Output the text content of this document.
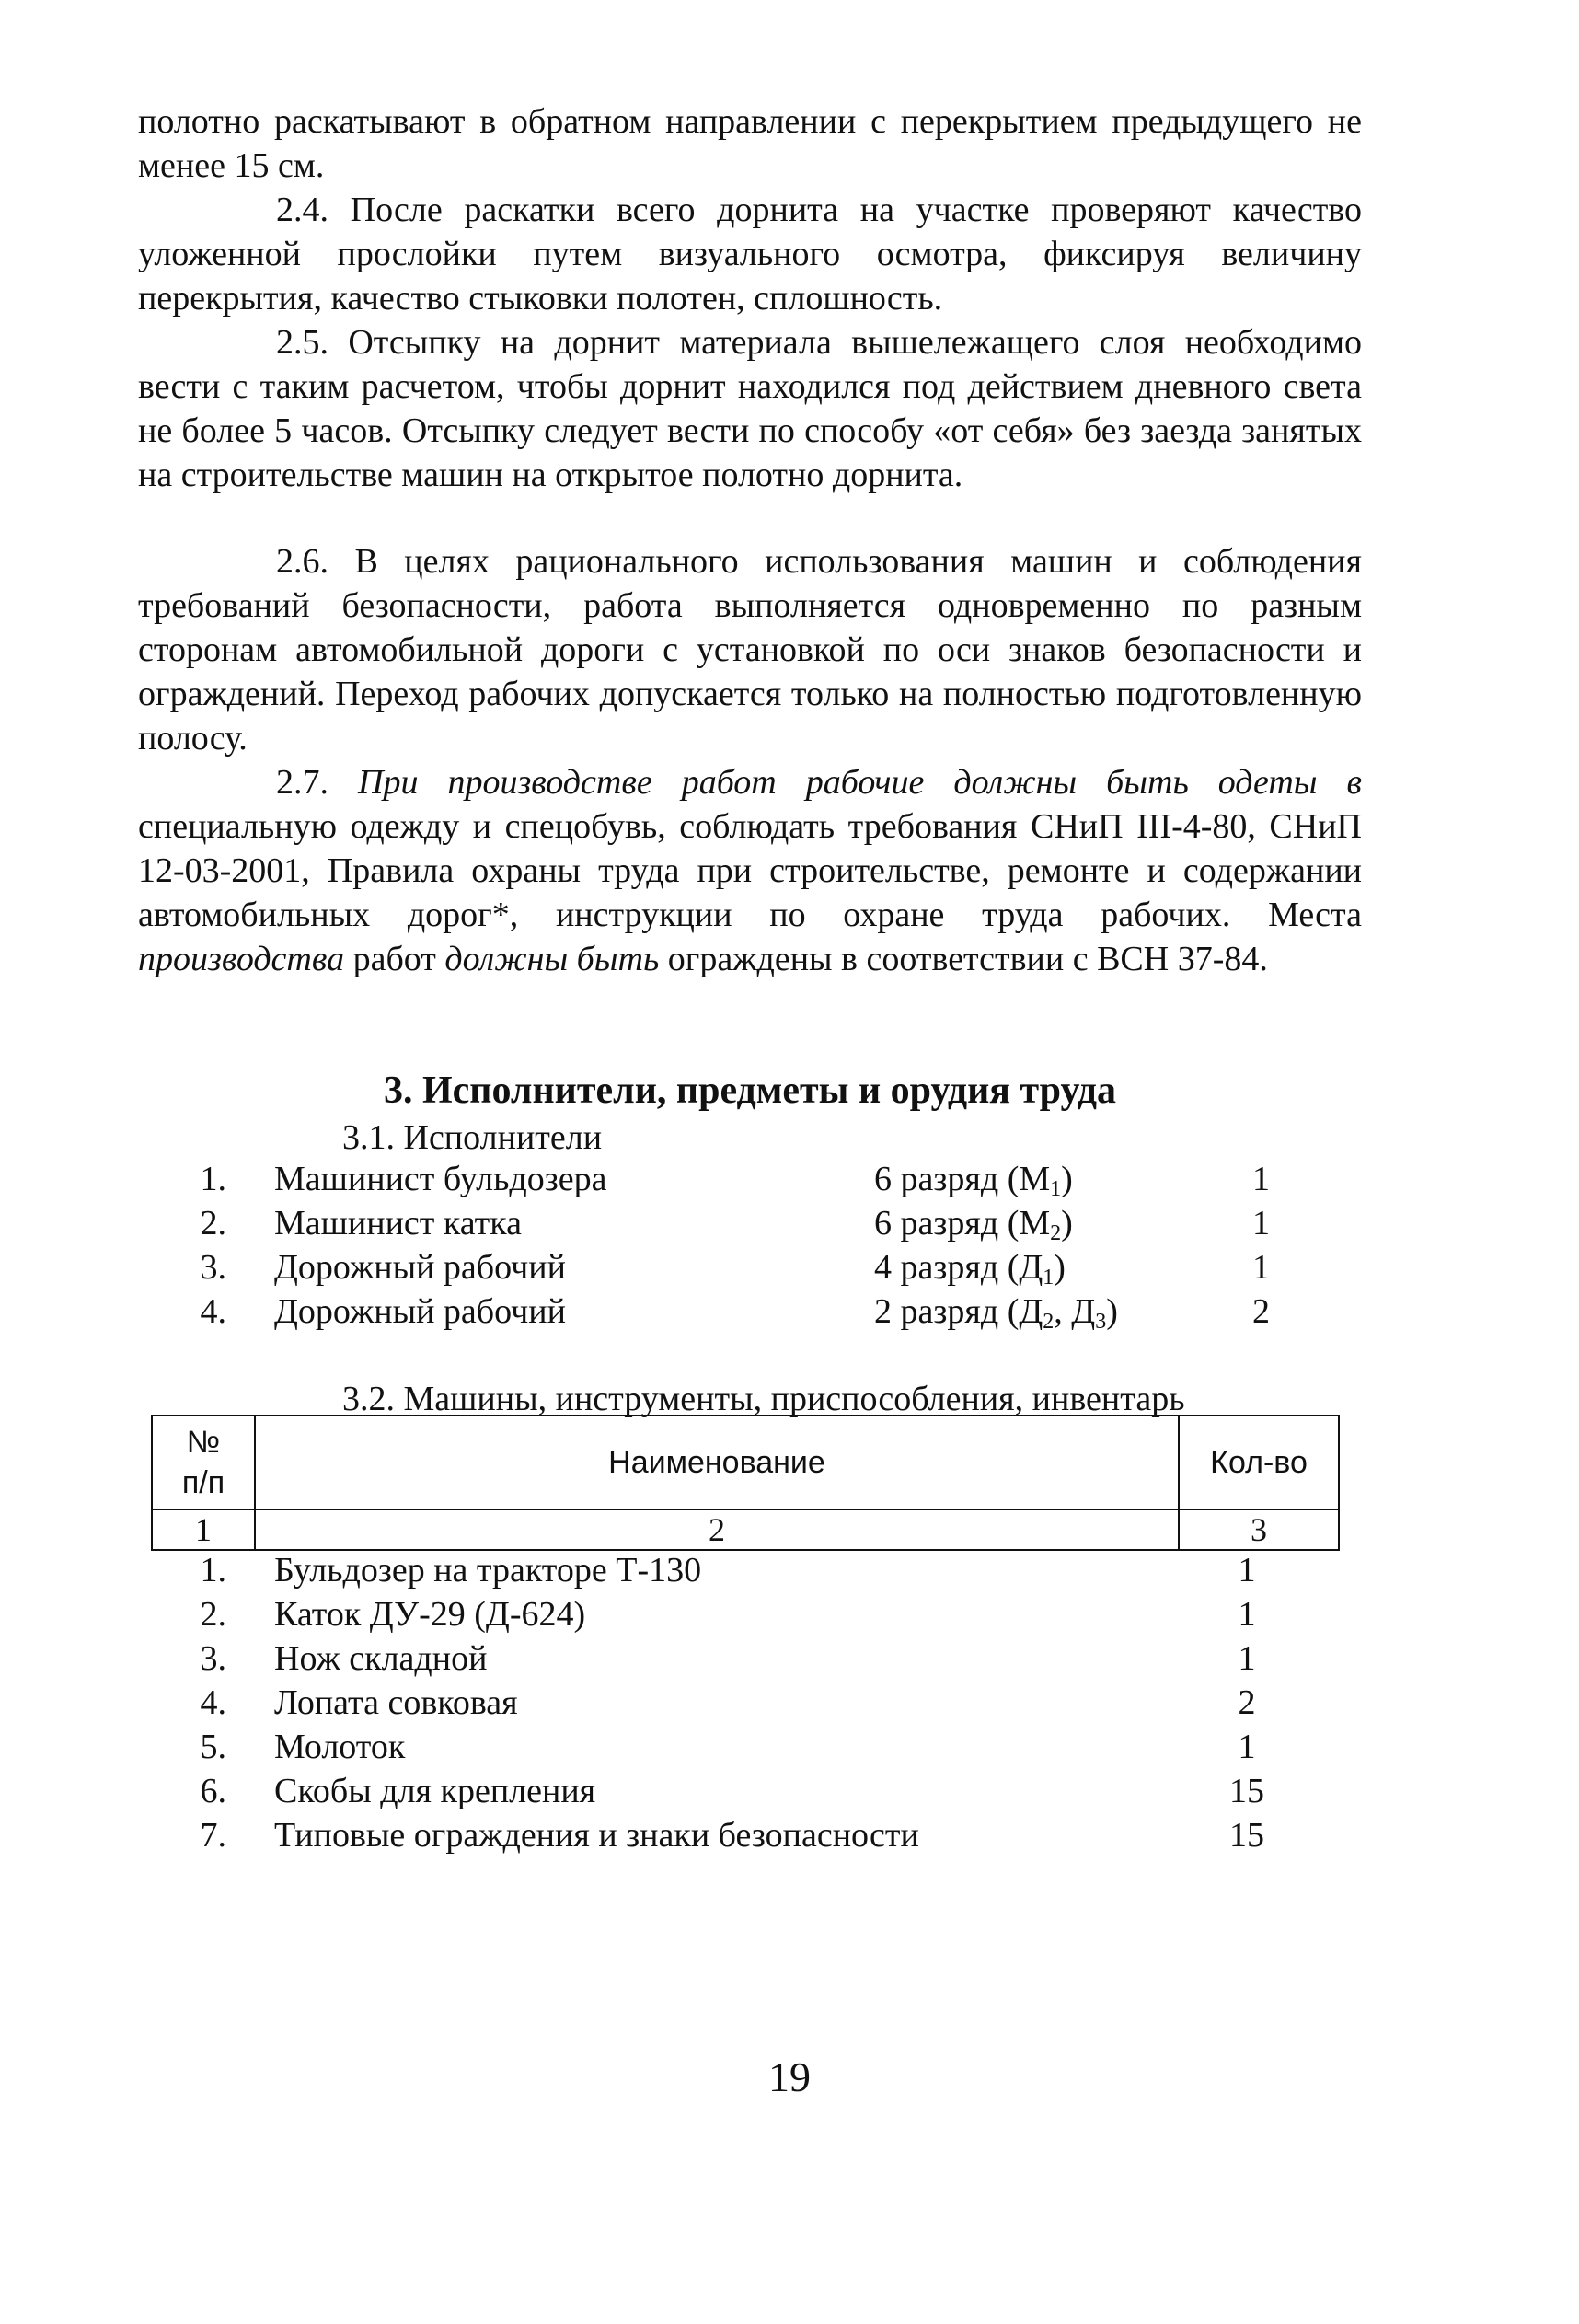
полотно раскатывают в обратном направлении с перекрытием предыдущего не менее 15 см.

2.4. После раскатки всего дорнита на участке проверяют качество уложенной прослойки путем визуального осмотра, фиксируя величину перекрытия, качество стыковки полотен, сплошность.

2.5. Отсыпку на дорнит материала вышележащего слоя необходимо вести с таким расчетом, чтобы дорнит находился под действием дневного света не более 5 часов. Отсыпку следует вести по способу «от себя» без заезда занятых на строительстве машин на открытое полотно дорнита.

2.6. В целях рационального использования машин и соблюдения требований безопасности, работа выполняется одновременно по разным сторонам автомобильной дороги с установкой по оси знаков безопасности и ограждений. Переход рабочих допускается только на полностью подготовленную полосу.

2.7. При производстве работ рабочие должны быть одеты в специальную одежду и спецобувь, соблюдать требования СНиП III-4-80, СНиП 12-03-2001, Правила охраны труда при строительстве, ремонте и содержании автомобильных дорог*, инструкции по охране труда рабочих. Места производства работ должны быть ограждены в соответствии с ВСН 37-84.

3. Исполнители, предметы и орудия труда

3.1. Исполнители

1. Машинист бульдозера	6 разряд $(М_1)$	1
2. Машинист катка	6 разряд $(М_2)$	1
3. Дорожный рабочий	4 разряд $(Д_1)$	1
4. Дорожный рабочий	2 разряд ($Д_2$, $Д_3$)	2

3.2. Машины, инструменты, приспособления, инвентарь

№
п/п	Наименование	Кол-во
1	2	3
1. Бульдозер на тракторе Т-130	1
2. Каток ДУ-29 (Д-624)	1
3. Нож складной	1
4. Лопата совковая	2
5. Молоток	1
6. Скобы для крепления	15
7. Типовые ограждения и знаки безопасности	15

19
